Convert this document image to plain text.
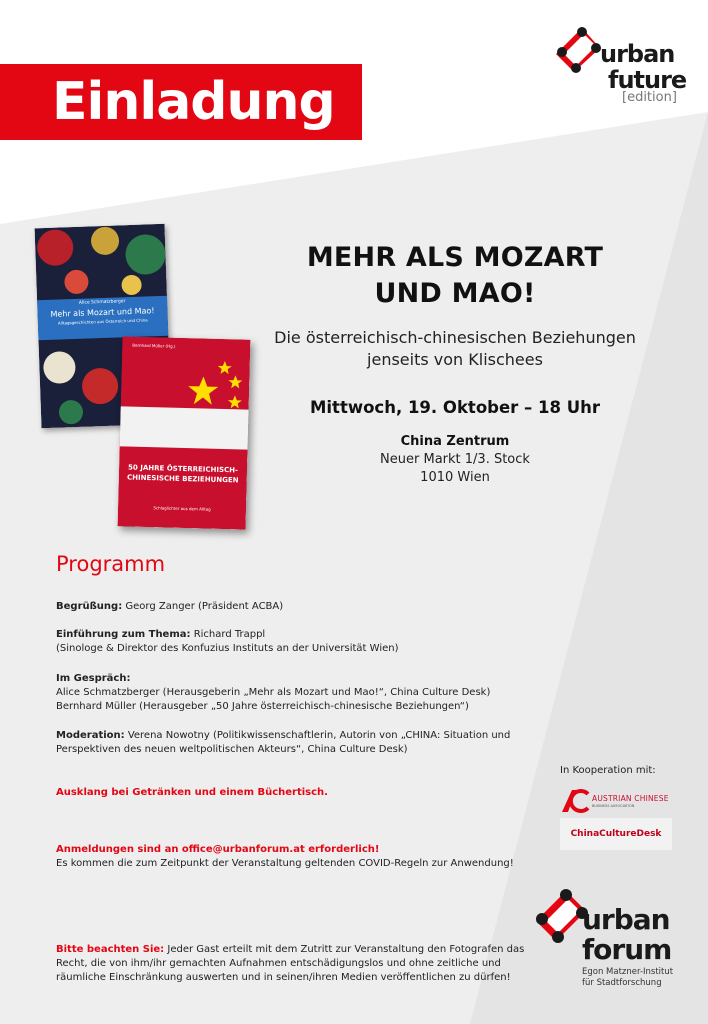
Einladung
urban
future
[edition]
Alice Schmatzberger
Mehr als Mozart und Mao!
Alltagsgeschichten aus Österreich und China
Bernhard Müller (Hg.)
50 JAHRE ÖSTERREICHISCH-CHINESISCHE BEZIEHUNGEN
Schlaglichter aus dem Alltag
MEHR ALS MOZART
UND MAO!
Die österreichisch-chinesischen Beziehungen
jenseits von Klischees
Mittwoch, 19. Oktober – 18 Uhr
China Zentrum
Neuer Markt 1/3. Stock
1010 Wien
Programm
Begrüßung: Georg Zanger (Präsident ACBA)
Einführung zum Thema: Richard Trappl
(Sinologe & Direktor des Konfuzius Instituts an der Universität Wien)
Im Gespräch:
Alice Schmatzberger (Herausgeberin „Mehr als Mozart und Mao!“, China Culture Desk)
Bernhard Müller (Herausgeber „50 Jahre österreichisch-chinesische Beziehungen“)
Moderation: Verena Nowotny (Politikwissenschaftlerin, Autorin von „CHINA: Situation und
Perspektiven des neuen weltpolitischen Akteurs“, China Culture Desk)
Ausklang bei Getränken und einem Büchertisch.
Anmeldungen sind an office@urbanforum.at erforderlich!
Es kommen die zum Zeitpunkt der Veranstaltung geltenden COVID-Regeln zur Anwendung!
Bitte beachten Sie: Jeder Gast erteilt mit dem Zutritt zur Veranstaltung den Fotografen das
Recht, die von ihm/ihr gemachten Aufnahmen entschädigungslos und ohne zeitliche und
räumliche Einschränkung auswerten und in seinen/ihren Medien veröffentlichen zu dürfen!
In Kooperation mit:
AUSTRIAN CHINESE
BUSINESS ASSOCIATION
ChinaCultureDesk
urban
forum
Egon Matzner-Institut für Stadtforschung
